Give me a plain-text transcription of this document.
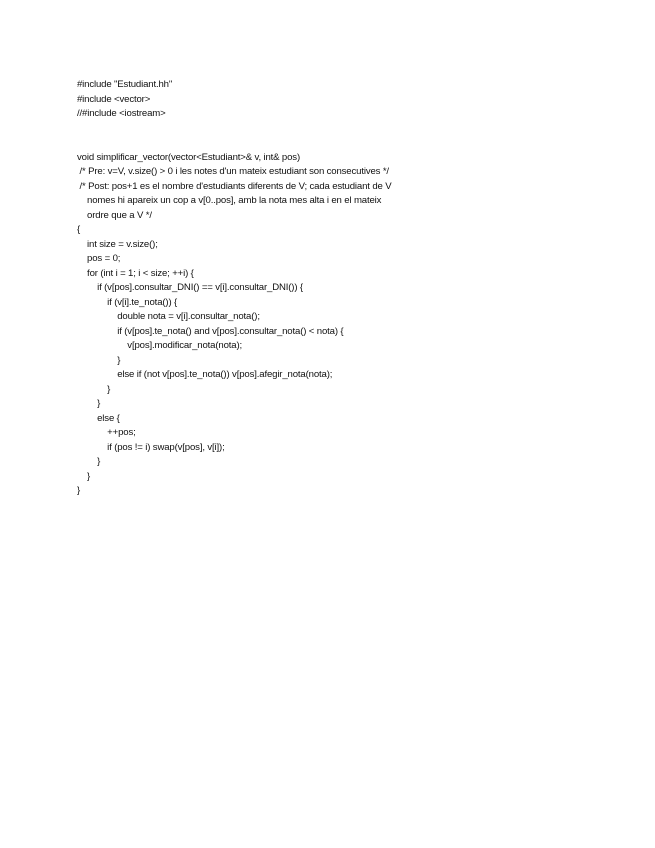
#include "Estudiant.hh"
#include <vector>
//#include <iostream>
void simplificar_vector(vector<Estudiant>& v, int& pos)
/* Pre: v=V, v.size() > 0 i les notes d'un mateix estudiant son consecutives */
/* Post: pos+1 es el nombre d'estudiants diferents de V; cada estudiant de V
nomes hi apareix un cop a v[0..pos], amb la nota mes alta i en el mateix
ordre que a V */
{
int size = v.size();
pos = 0;
for (int i = 1; i < size; ++i) {
if (v[pos].consultar_DNI() == v[i].consultar_DNI()) {
if (v[i].te_nota()) {
double nota = v[i].consultar_nota();
if (v[pos].te_nota() and v[pos].consultar_nota() < nota) {
v[pos].modificar_nota(nota);
}
else if (not v[pos].te_nota()) v[pos].afegir_nota(nota);
}
}
else {
++pos;
if (pos != i) swap(v[pos], v[i]);
}
}
}
